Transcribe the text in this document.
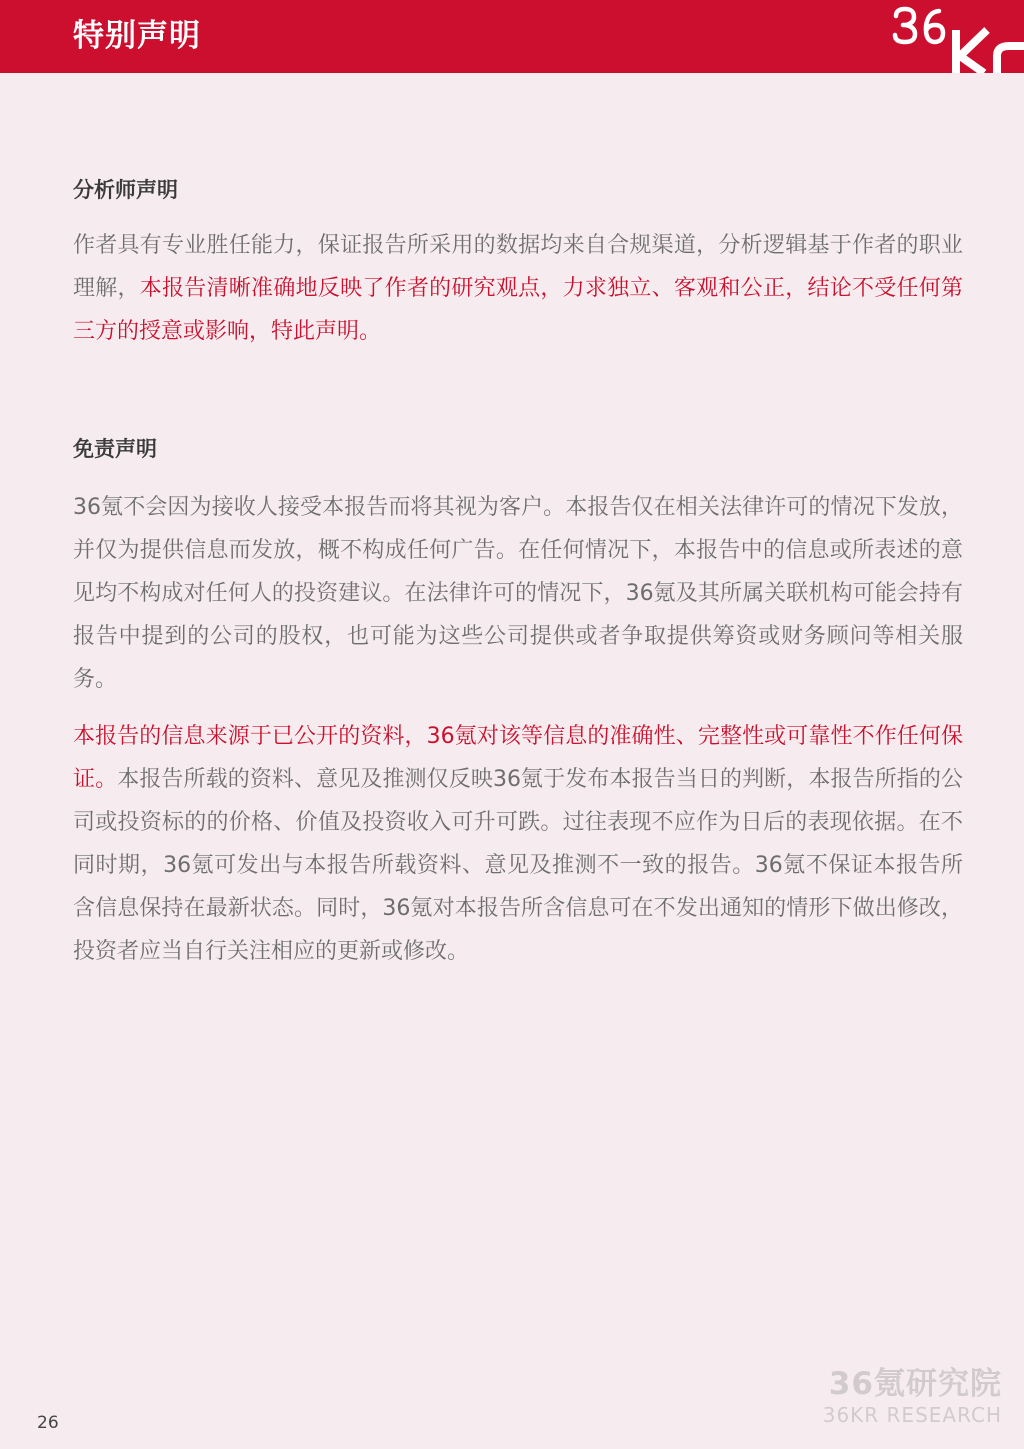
特别声明
分析师声明

作者具有专业胜任能力，保证报告所采用的数据均来自合规渠道，分析逻辑基于作者的职业理解，本报告清晰准确地反映了作者的研究观点，力求独立、客观和公正，结论不受任何第三方的授意或影响，特此声明。

免责声明

36氪不会因为接收人接受本报告而将其视为客户。本报告仅在相关法律许可的情况下发放，并仅为提供信息而发放，概不构成任何广告。在任何情况下，本报告中的信息或所表述的意见均不构成对任何人的投资建议。在法律许可的情况下，36氪及其所属关联机构可能会持有报告中提到的公司的股权，也可能为这些公司提供或者争取提供筹资或财务顾问等相关服务。

本报告的信息来源于已公开的资料，36氪对该等信息的准确性、完整性或可靠性不作任何保证。本报告所载的资料、意见及推测仅反映36氪于发布本报告当日的判断，本报告所指的公司或投资标的的价格、价值及投资收入可升可跌。过往表现不应作为日后的表现依据。在不同时期，36氪可发出与本报告所载资料、意见及推测不一致的报告。36氪不保证本报告所含信息保持在最新状态。同时，36氪对本报告所含信息可在不发出通知的情形下做出修改，投资者应当自行关注相应的更新或修改。

26
36氪研究院
36KR RESEARCH
